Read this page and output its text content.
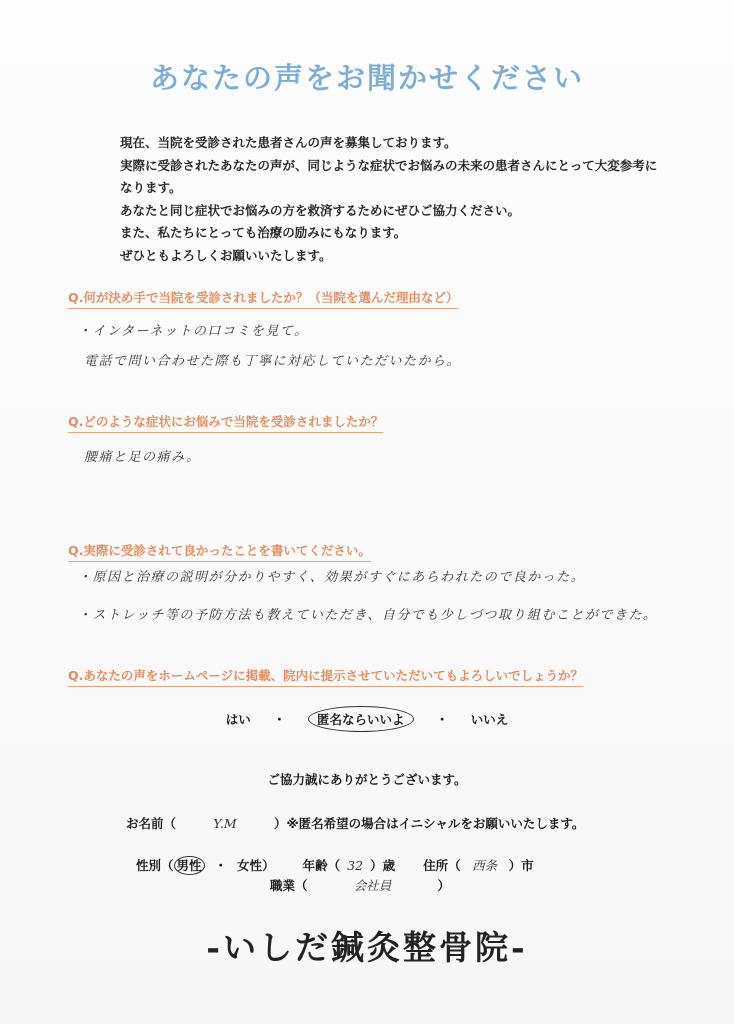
あなたの声をお聞かせください
現在、当院を受診された患者さんの声を募集しております。
実際に受診されたあなたの声が、同じような症状でお悩みの未来の患者さんにとって大変参考に
なります。
あなたと同じ症状でお悩みの方を救済するためにぜひご協力ください。
また、私たちにとっても治療の励みにもなります。
ぜひともよろしくお願いいたします。
Q.何が決め手で当院を受診されましたか？（当院を選んだ理由など）
・インターネットの口コミを見て。
電話で問い合わせた際も丁寧に対応していただいたから。
Q.どのような症状にお悩みで当院を受診されましたか？
腰痛と足の痛み。
Q.実際に受診されて良かったことを書いてください。
・原因と治療の説明が分かりやすく、効果がすぐにあらわれたので良かった。
・ストレッチ等の予防方法も教えていただき、自分でも少しづつ取り組むことができた。
Q.あなたの声をホームページに掲載、院内に提示させていただいてもよろしいでしょうか？
はい ・	匿名ならいいよ	・ いいえ
ご協力誠にありがとうございます。
お名前（	Y.M	）※匿名希望の場合はイニシャルをお願いいたします。
性別（ 男性 ・ 女性） 年齢（ 32 ）歳 住所（ 西条 ）市
職業（	会社員	）
-いしだ鍼灸整骨院-
